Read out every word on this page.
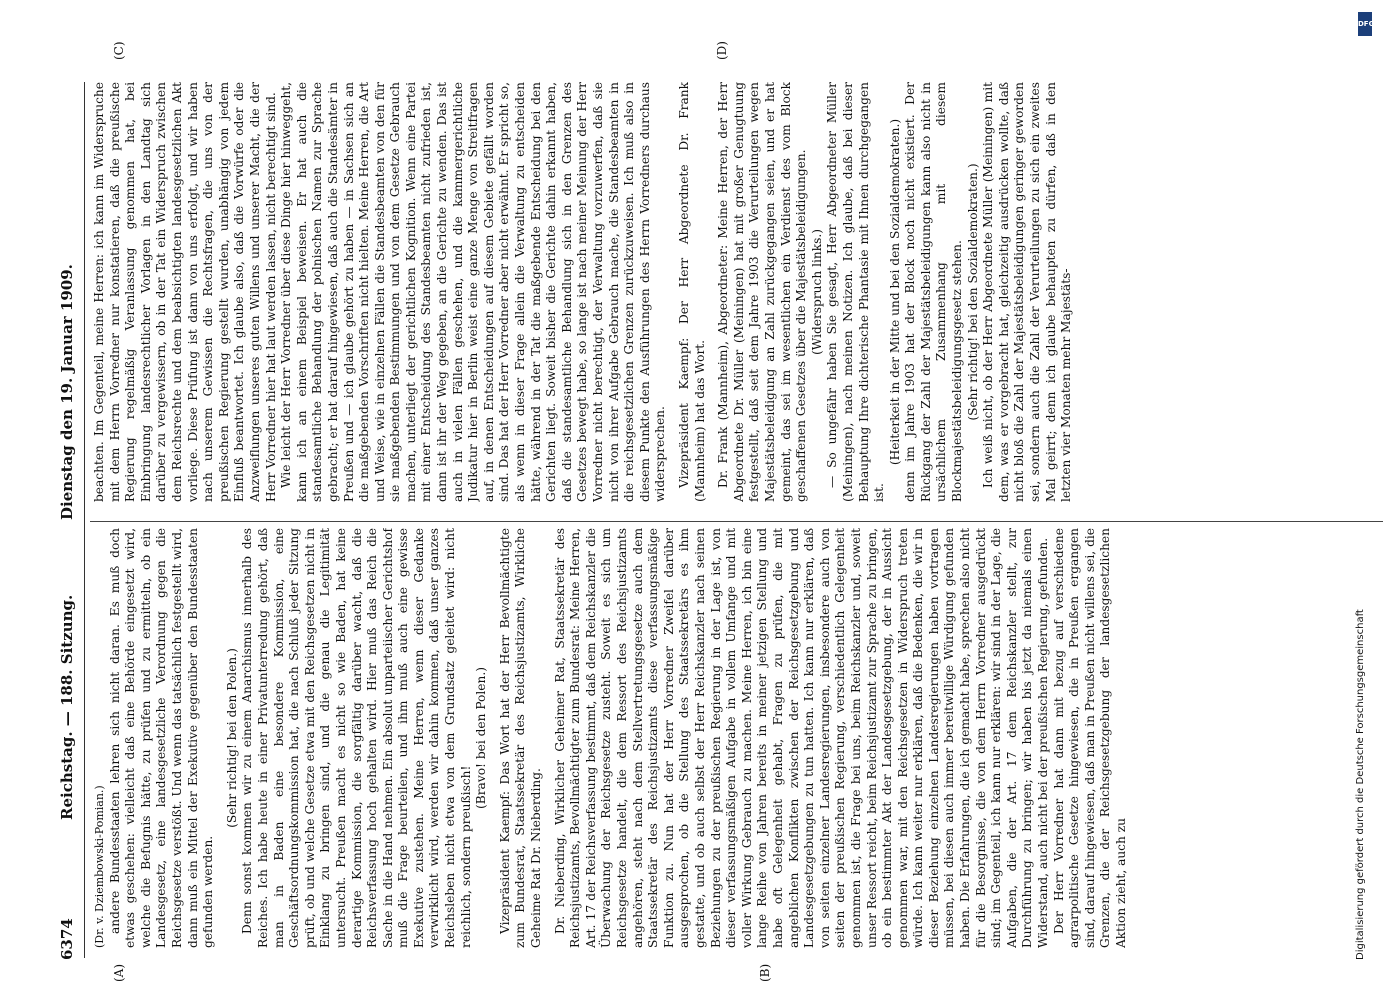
6374
Reichstag. — 188. Sitzung.
Dienstag den 19. Januar 1909.
(A)	(B)
(C)	(D)

(Dr. v. Dziembowski-Pomian.) andere Bundesstaaten lehren sich nicht daran. Es muß doch etwas geschehen: vielleicht daß eine Behörde eingesetzt wird, welche die Befugnis hätte, zu prüfen und zu ermitteln, ob ein Landesgesetz, eine landesgesetzliche Verordnung gegen die Reichsgesetze verstößt. Und wenn das tatsächlich festgestellt wird, dann muß ein Mittel der Exekutive gegenüber den Bundesstaaten gefunden werden.

(Sehr richtig! bei den Polen.) Denn sonst kommen wir zu einem Anarchismus innerhalb des Reiches. Ich habe heute in einer Privatunterredung gehört, daß man in Baden eine besondere Kommission, eine Geschäftsordnungskommission hat, die nach Schluß jeder Sitzung prüft, ob und welche Gesetze etwa mit den Reichsgesetzen nicht in Einklang zu bringen sind, und die genau die Legitimität untersucht. Preußen macht es nicht so wie Baden, hat keine derartige Kommission, die sorgfältig darüber wacht, daß die Reichsverfassung hoch gehalten wird. Hier muß das Reich die Sache in die Hand nehmen. Ein absolut unparteiischer Gerichtshof muß die Frage beurteilen, und ihm muß auch eine gewisse Exekutive zustehen. Meine Herren, wenn dieser Gedanke verwirklicht wird, werden wir dahin kommen, daß unser ganzes Reichsleben nicht etwa von dem Grundsatz geleitet wird: nicht reichlich, sondern preußisch!

(Bravo! bei den Polen.) Vizepräsident Kaempf: Das Wort hat der Herr Bevollmächtigte zum Bundesrat, Staatssekretär des Reichsjustizamts, Wirkliche Geheime Rat Dr. Nieberding. Dr. Nieberding, Wirklicher Geheimer Rat, Staatssekretär des Reichsjustizamts, Bevollmächtigter zum Bundesrat: Meine Herren, Art. 17 der Reichsverfassung bestimmt, daß dem Reichskanzler die Überwachung der Reichsgesetze zusteht. Soweit es sich um Reichsgesetze handelt, die dem Ressort des Reichsjustizamts angehören, steht nach dem Stellvertretungsgesetze auch dem Staatssekretär des Reichsjustizamts diese verfassungsmäßige Funktion zu. Nun hat der Herr Vorredner Zweifel darüber ausgesprochen, ob die Stellung des Staatssekretärs es ihm gestatte, und ob auch selbst der Herr Reichskanzler nach seinen Beziehungen zu der preußischen Regierung in der Lage ist, von dieser verfassungsmäßigen Aufgabe in vollem Umfange und mit voller Wirkung Gebrauch zu machen. Meine Herren, ich bin eine lange Reihe von Jahren bereits in meiner jetzigen Stellung und habe oft Gelegenheit gehabt, Fragen zu prüfen, die mit angeblichen Konflikten zwischen der Reichsgesetzgebung und Landesgesetzgebungen zu tun hatten. Ich kann nur erklären, daß von seiten einzelner Landesregierungen, insbesondere auch von seiten der preußischen Regierung, verschiedentlich Gelegenheit genommen ist, die Frage bei uns, beim Reichskanzler und, soweit unser Ressort reicht, beim Reichsjustizamt zur Sprache zu bringen, ob ein bestimmter Akt der Landesgesetzgebung, der in Aussicht genommen war, mit den Reichsgesetzen in Widerspruch treten würde. Ich kann weiter nur erklären, daß die Bedenken, die wir in dieser Beziehung einzelnen Landesregierungen haben vortragen müssen, bei diesen auch immer bereitwillige Würdigung gefunden haben. Die Erfahrungen, die ich gemacht habe, sprechen also nicht für die Besorgnisse, die von dem Herrn Vorredner ausgedrückt sind; im Gegenteil, ich kann nur erklären: wir sind in der Lage, die Aufgaben, die der Art. 17 dem Reichskanzler stellt, zur Durchführung zu bringen; wir haben bis jetzt da niemals einen Widerstand, auch nicht bei der preußischen Regierung, gefunden. Der Herr Vorredner hat dann mit bezug auf verschiedene agrarpolitische Gesetze hingewiesen, die in Preußen ergangen sind, darauf hingewiesen, daß man in Preußen nicht willens sei, die Grenzen, die der Reichsgesetzgebung der landesgesetzlichen Aktion zieht, auch zu

beachten. Im Gegenteil, meine Herren: ich kann im Widerspruche mit dem Herrn Vorredner nur konstatieren, daß die preußische Regierung regelmäßig Veranlassung genommen hat, bei Einbringung landesrechtlicher Vorlagen in den Landtag sich darüber zu vergewissern, ob in der Tat ein Widerspruch zwischen dem Reichsrechte und dem beabsichtigten landesgesetzlichen Akt vorliege. Diese Prüfung ist dann von uns erfolgt, und wir haben nach unserem Gewissen die Rechtsfragen, die uns von der preußischen Regierung gestellt wurden, unabhängig von jedem Einfluß beantwortet. Ich glaube also, daß die Vorwürfe oder die Anzweiflungen unseres guten Willens und unserer Macht, die der Herr Vorredner hier hat laut werden lassen, nicht berechtigt sind. Wie leicht der Herr Vorredner über diese Dinge hier hinweggeht, kann ich an einem Beispiel beweisen. Er hat auch die standesamtliche Behandlung der polnischen Namen zur Sprache gebracht; er hat darauf hingewiesen, daß auch die Standesämter in Preußen und — ich glaube gehört zu haben — in Sachsen sich an die maßgebenden Vorschriften nicht hielten. Meine Herren, die Art und Weise, wie in einzelnen Fällen die Standesbeamten von den für sie maßgebenden Bestimmungen und von dem Gesetze Gebrauch machen, unterliegt der gerichtlichen Kognition. Wenn eine Partei mit einer Entscheidung des Standesbeamten nicht zufrieden ist, dann ist ihr der Weg gegeben, an die Gerichte zu wenden. Das ist auch in vielen Fällen geschehen, und die kammergerichtliche Judikatur hier in Berlin weist eine ganze Menge von Streitfragen auf, in denen Entscheidungen auf diesem Gebiete gefällt worden sind. Das hat der Herr Vorredner aber nicht erwähnt. Er spricht so, als wenn in dieser Frage allein die Verwaltung zu entscheiden hätte, während in der Tat die maßgebende Entscheidung bei den Gerichten liegt. Soweit bisher die Gerichte dahin erkannt haben, daß die standesamtliche Behandlung sich in den Grenzen des Gesetzes bewegt habe, so lange ist nach meiner Meinung der Herr Vorredner nicht berechtigt, der Verwaltung vorzuwerfen, daß sie nicht von ihrer Aufgabe Gebrauch mache, die Standesbeamten in die reichsgesetzlichen Grenzen zurückzuweisen. Ich muß also in diesem Punkte den Ausführungen des Herrn Vorredners durchaus widersprechen. Vizepräsident Kaempf: Der Herr Abgeordnete Dr. Frank (Mannheim) hat das Wort. Dr. Frank (Mannheim), Abgeordneter: Meine Herren, der Herr Abgeordnete Dr. Müller (Meiningen) hat mit großer Genugtuung festgestellt, daß seit dem Jahre 1903 die Verurteilungen wegen Majestätsbeleidigung an Zahl zurückgegangen seien, und er hat gemeint, das sei im wesentlichen ein Verdienst des vom Block geschaffenen Gesetzes über die Majestätsbeleidigungen. (Widerspruch links.) — So ungefähr haben Sie gesagt, Herr Abgeordneter Müller (Meiningen), nach meinen Notizen. Ich glaube, daß bei dieser Behauptung Ihre dichterische Phantasie mit Ihnen durchgegangen ist.

(Heiterkeit in der Mitte und bei den Sozialdemokraten.) denn im Jahre 1903 hat der Block noch nicht existiert. Der Rückgang der Zahl der Majestätsbeleidigungen kann also nicht in ursächlichem Zusammenhang mit diesem Blockmajestätsbeleidigungsgesetz stehen. (Sehr richtig! bei den Sozialdemokraten.) Ich weiß nicht, ob der Herr Abgeordnete Müller (Meiningen) mit dem, was er vorgebracht hat, gleichzeitig ausdrücken wollte, daß nicht bloß die Zahl der Majestätsbeleidigungen geringer geworden sei, sondern auch die Zahl der Verurteilungen zu sich ein zweites Mal geirrt; denn ich glaube behaupten zu dürfen, daß in den letzten vier Monaten mehr Majestäts-

DFG
Digitalisierung gefördert durch die Deutsche Forschungsgemeinschaft
